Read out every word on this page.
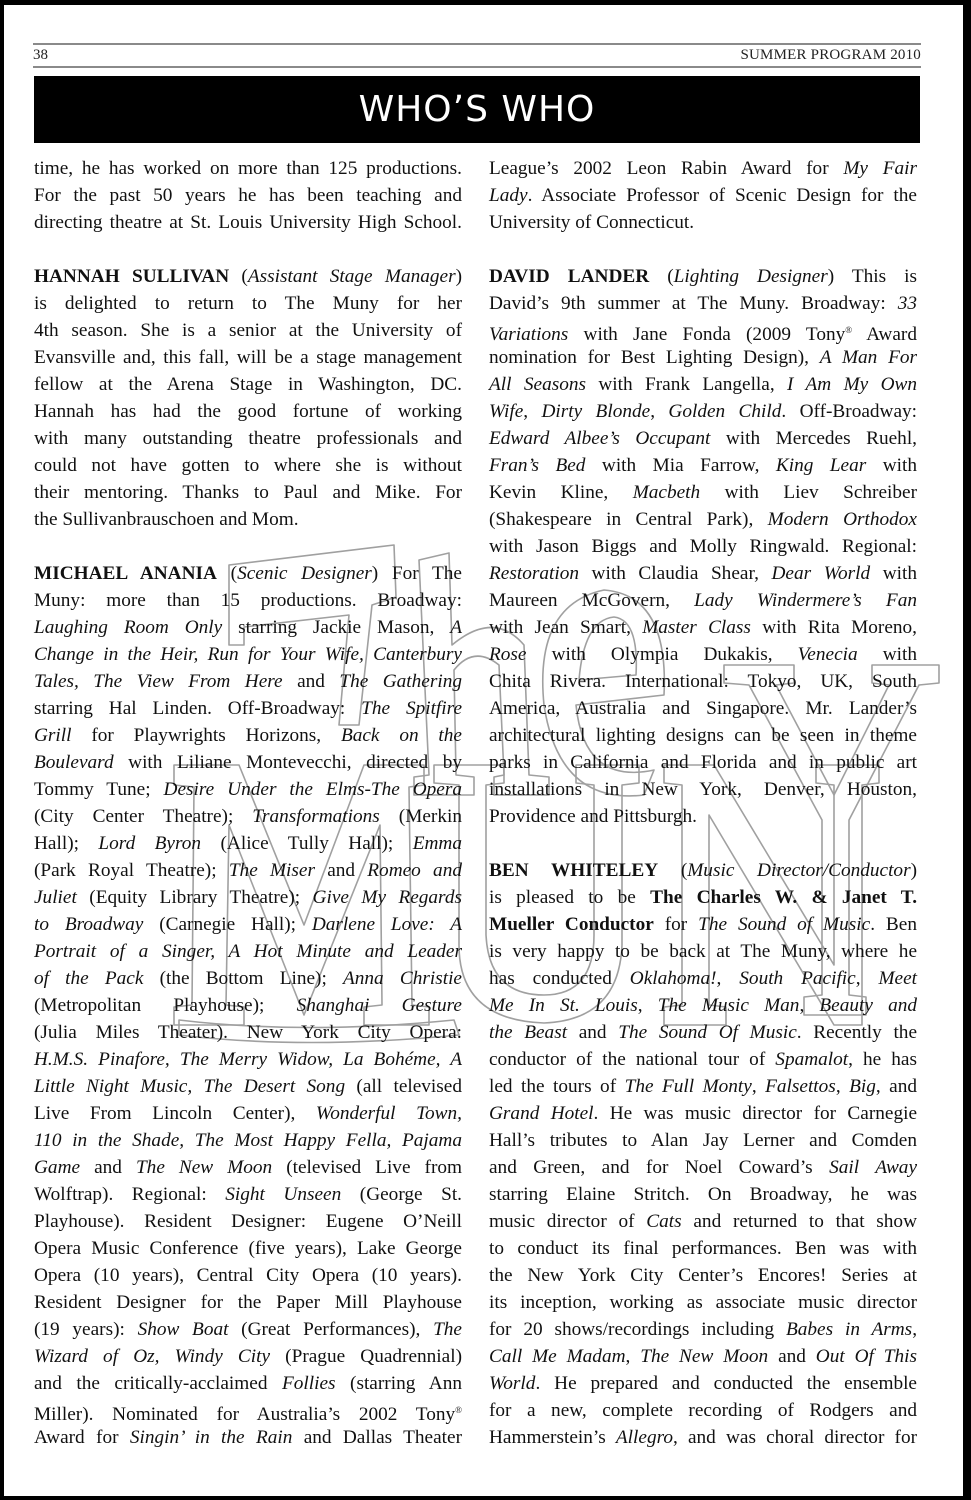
38	SUMMER PROGRAM 2010
WHO’S WHO
time, he has worked on more than 125 productions.
For the past 50 years he has been teaching and
directing theatre at St. Louis University High School.
HANNAH SULLIVAN (Assistant Stage Manager)
is delighted to return to The Muny for her
4th season. She is a senior at the University of
Evansville and, this fall, will be a stage management
fellow at the Arena Stage in Washington, DC.
Hannah has had the good fortune of working
with many outstanding theatre professionals and
could not have gotten to where she is without
their mentoring. Thanks to Paul and Mike. For
the Sullivanbrauschoen and Mom.
MICHAEL ANANIA (Scenic Designer) For The
Muny: more than 15 productions. Broadway:
Laughing Room Only starring Jackie Mason, A
Change in the Heir, Run for Your Wife, Canterbury
Tales, The View From Here and The Gathering
starring Hal Linden. Off-Broadway: The Spitfire
Grill for Playwrights Horizons, Back on the
Boulevard with Liliane Montevecchi, directed by
Tommy Tune; Desire Under the Elms-The Opera
(City Center Theatre); Transformations (Merkin
Hall); Lord Byron (Alice Tully Hall); Emma
(Park Royal Theatre); The Miser and Romeo and
Juliet (Equity Library Theatre); Give My Regards
to Broadway (Carnegie Hall); Darlene Love: A
Portrait of a Singer, A Hot Minute and Leader
of the Pack (the Bottom Line); Anna Christie
(Metropolitan Playhouse); Shanghai Gesture
(Julia Miles Theater). New York City Opera:
H.M.S. Pinafore, The Merry Widow, La Bohéme, A
Little Night Music, The Desert Song (all televised
Live From Lincoln Center), Wonderful Town,
110 in the Shade, The Most Happy Fella, Pajama
Game and The New Moon (televised Live from
Wolftrap). Regional: Sight Unseen (George St.
Playhouse). Resident Designer: Eugene O’Neill
Opera Music Conference (five years), Lake George
Opera (10 years), Central City Opera (10 years).
Resident Designer for the Paper Mill Playhouse
(19 years): Show Boat (Great Performances), The
Wizard of Oz, Windy City (Prague Quadrennial)
and the critically-acclaimed Follies (starring Ann
Miller). Nominated for Australia’s 2002 Tony®
Award for Singin’ in the Rain and Dallas Theater
League’s 2002 Leon Rabin Award for My Fair
Lady. Associate Professor of Scenic Design for the
University of Connecticut.
DAVID LANDER (Lighting Designer) This is
David’s 9th summer at The Muny. Broadway: 33
Variations with Jane Fonda (2009 Tony® Award
nomination for Best Lighting Design), A Man For
All Seasons with Frank Langella, I Am My Own
Wife, Dirty Blonde, Golden Child. Off-Broadway:
Edward Albee’s Occupant with Mercedes Ruehl,
Fran’s Bed with Mia Farrow, King Lear with
Kevin Kline, Macbeth with Liev Schreiber
(Shakespeare in Central Park), Modern Orthodox
with Jason Biggs and Molly Ringwald. Regional:
Restoration with Claudia Shear, Dear World with
Maureen McGovern, Lady Windermere’s Fan
with Jean Smart, Master Class with Rita Moreno,
Rose with Olympia Dukakis, Venecia with
Chita Rivera. International: Tokyo, UK, South
America, Australia and Singapore. Mr. Lander’s
architectural lighting designs can be seen in theme
parks in California and Florida and in public art
installations in New York, Denver, Houston,
Providence and Pittsburgh.
BEN WHITELEY (Music Director/Conductor)
is pleased to be The Charles W. & Janet T.
Mueller Conductor for The Sound of Music. Ben
is very happy to be back at The Muny, where he
has conducted Oklahoma!, South Pacific, Meet
Me In St. Louis, The Music Man, Beauty and
the Beast and The Sound Of Music. Recently the
conductor of the national tour of Spamalot, he has
led the tours of The Full Monty, Falsettos, Big, and
Grand Hotel. He was music director for Carnegie
Hall’s tributes to Alan Jay Lerner and Comden
and Green, and for Noel Coward’s Sail Away
starring Elaine Stritch. On Broadway, he was
music director of Cats and returned to that show
to conduct its final performances. Ben was with
the New York City Center’s Encores! Series at
its inception, working as associate music director
for 20 shows/recordings including Babes in Arms,
Call Me Madam, The New Moon and Out Of This
World. He prepared and conducted the ensemble
for a new, complete recording of Rodgers and
Hammerstein’s Allegro, and was choral director for
